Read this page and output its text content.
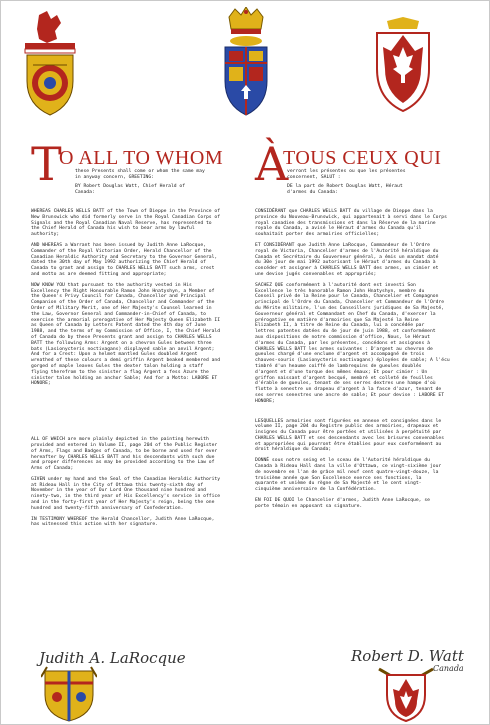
T
O ALL TO WHOM

these Presents shall come or whom the same may
in anyway concern, GREETING:

BY Robert Douglas Watt, Chief Herald of
Canada:

À
TOUS CEUX QUI

verront les présentes ou que les présentes
concernent, SALUT :

DE la part de Robert Douglas Watt, Héraut
d'armes du Canada:

WHEREAS CHARLES WELLS BATT of the Town of Dieppe in the Province of
New Brunswick who did formerly serve in the Royal Canadian Corps of
Signals and the Royal Canadian Naval Reserve, has represented to
the Chief Herald of Canada his wish to bear arms by lawful
authority;

AND WHEREAS a Warrant has been issued by Judith Anne LaRocque,
Commander of the Royal Victorian Order, Herald Chancellor of the
Canadian Heraldic Authority and Secretary to the Governor General,
dated the 30th day of May 1992 authorizing the Chief Herald of
Canada to grant and assign to CHARLES WELLS BATT such arms, crest
and motto as are deemed fitting and appropriate;

NOW KNOW YOU that pursuant to the authority vested in His
Excellency the Right Honourable Ramon John Hnatyshyn, a Member of
the Queen's Privy Council for Canada, Chancellor and Principal
Companion of the Order of Canada, Chancellor and Commander of the
Order of Military Merit, one of Her Majesty's Counsel learned in
the Law, Governor General and Commander-in-Chief of Canada, to
exercise the armorial prerogative of Her Majesty Queen Elizabeth II
as Queen of Canada by Letters Patent dated the 4th day of June
1988, and the terms of my Commission of Office, I, the Chief Herald
of Canada do by these Presents grant and assign to CHARLES WELLS
BATT the following Arms: Argent on a chevron Gules between three
bats (Lasionycteris noctivagans) displayed sable an anvil Argent;
And for a Crest: Upon a helmet mantled Gules doubled Argent
wreathed of these colours a demi griffin Argent beaked membered and
gorged of maple leaves Gules the dexter talon holding a staff
flying therefrom to the sinister a flag Argent a fess Azure the
sinister talon holding an anchor Sable; And for a Motto: LABORE ET
HONORE;

ALL OF WHICH are more plainly depicted in the painting herewith
provided and entered in Volume II, page 204 of the Public Register
of Arms, Flags and Badges of Canada, to be borne and used for ever
hereafter by CHARLES WELLS BATT and his descendants with such due
and proper differences as may be provided according to the Law of
Arms of Canada;

GIVEN under my hand and the Seal of the Canadian Heraldic Authority
at Rideau Hall in the City of Ottawa this twenty-sixth day of
November in the year of Our Lord One thousand nine hundred and
ninety-two, in the third year of His Excellency's service in office
and in the forty-first year of Her Majesty's reign, being the one
hundred and twenty-fifth anniversary of Confederation.

IN TESTIMONY WHEREOF the Herald Chancellor, Judith Anne LaRocque,
has witnessed this action with her signature.

CONSIDÉRANT que CHARLES WELLS BATT du village de Dieppe dans la
province du Nouveau-Brunswick, qui appartenait à servi dans le Corps
royal canadien des transmissions et dans la Réserve de la marine
royale du Canada, a avisé le Héraut d'armes du Canada qu'il
souhaitait porter des armoiries officielles;

ET CONSIDÉRANT que Judith Anne LaRocque, Commandeur de l'Ordre
royal de Victoria, Chancelier d'armes de l'Autorité héraldique du
Canada et Secrétaire du Gouverneur général, a émis un mandat daté
du 30e jour de mai 1992 autorisant le Héraut d'armes du Canada à
concéder et assigner à CHARLES WELLS BATT des armes, un cimier et
une devise jugés convenables et appropriés;

SACHEZ QUE conformément à l'autorité dont est investi Son
Excellence le très honorable Ramon John Hnatyshyn, membre du
Conseil privé de la Reine pour le Canada, Chancelier et Compagnon
principal de l'Ordre du Canada, Chancelier et Commandeur de l'Ordre
du Mérite militaire, l'un des Conseillers juridiques de Sa Majesté,
Gouverneur général et Commandant en Chef du Canada, d'exercer la
prérogative en matière d'armoiries que Sa Majesté la Reine
Elizabeth II, à titre de Reine du Canada, lui a concédée par
lettres patentes datées du 4e jour de juin 1988, et conformément
aux dispositions de notre commission d'office, Nous, le Héraut
d'armes du Canada, par les présentes, concédons et assignons à
CHARLES WELLS BATT les armes suivantes : D'argent au chevron de
gueules chargé d'une enclume d'argent et accompagné de trois
chauves-souris (Lasionycteris noctivagans) éployées de sable; A l'écu
timbré d'un heaume coiffé de lambrequins de gueules doublés
d'argent et d'une torque des mêmes émaux; Et pour cimier : Un
griffon naissant d'argent becqué, membré et colleté de feuilles
d'érable de gueules, tenant de ses serres dextres une hampe d'où
flotte à senestre un drapeau d'argent à la fasce d'azur, tenant de
ses serres senestres une ancre de sable; Et pour devise : LABORE ET
HONORE;

LESQUELLES armoiries sont figurées en annexe et consignées dans le
volume II, page 204 du Registre public des armoiries, drapeaux et
insignes du Canada pour être portées et utilisées à perpétuité par
CHARLES WELLS BATT et ses descendants avec les brisures convenables
et appropriées qui pourront être établies pour eux conformément au
droit héraldique du Canada;

DONNÉ sous notre seing et le sceau de l'Autorité héraldique du
Canada à Rideau Hall dans la ville d'Ottawa, ce vingt-sixième jour
de novembre en l'an de grâce mil neuf cent quatre-vingt-douze, la
troisième année que Son Excellence exerce ses fonctions, la
quarante et unième du règne de Sa Majesté et le cent vingt-
cinquième anniversaire de la Confédération.

EN FOI DE QUOI le Chancelier d'armes, Judith Anne LaRocque, se
porte témoin en apposant sa signature.

Judith A. LaRocque	Robert D. Watt
Canada
